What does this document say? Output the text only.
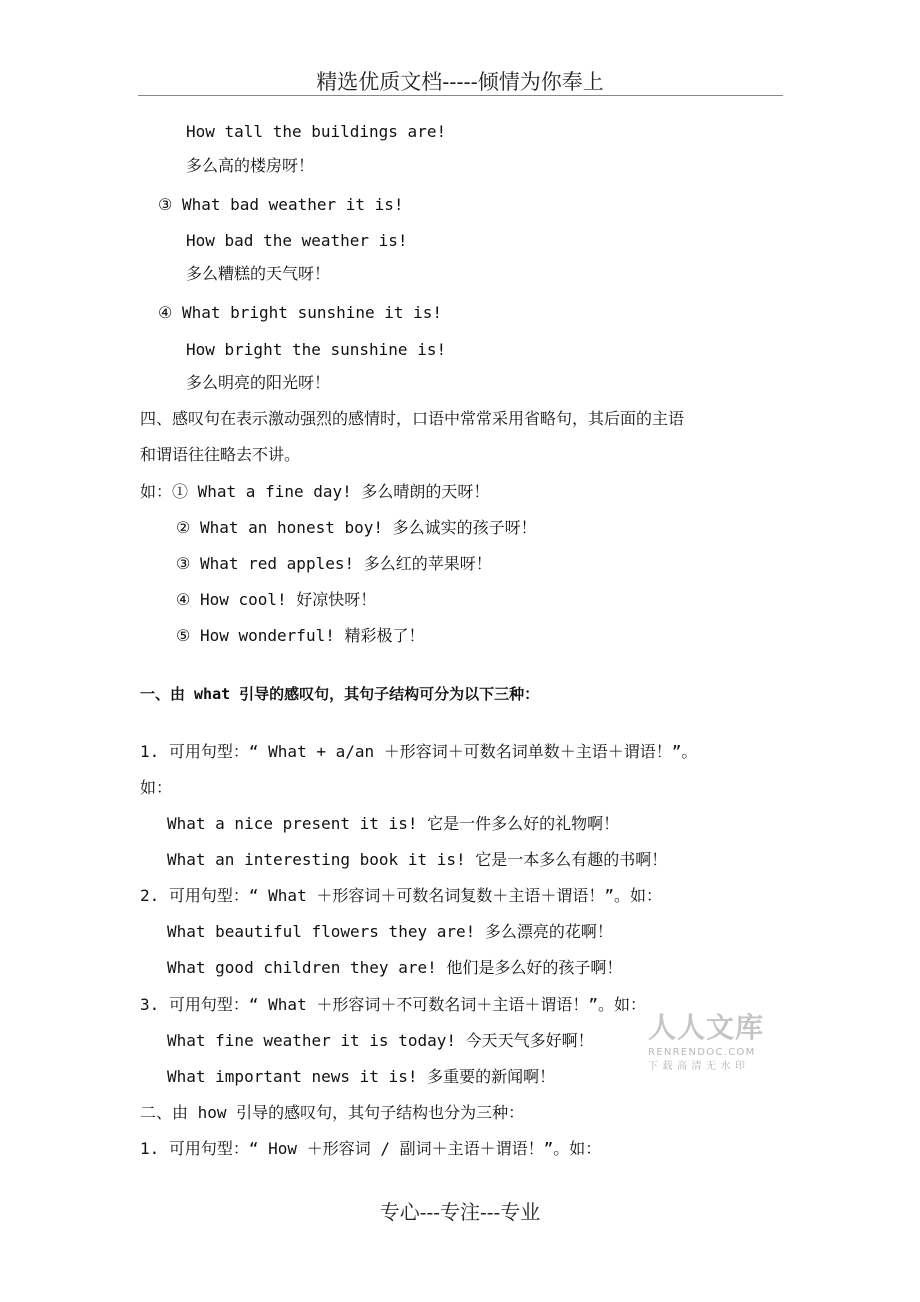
精选优质文档-----倾情为你奉上
How tall the buildings are!
多么高的楼房呀！
③ What bad weather it is!
How bad the weather is!
多么糟糕的天气呀！
④ What bright sunshine it is!
How bright the sunshine is!
多么明亮的阳光呀！
四、感叹句在表示激动强烈的感情时，口语中常常采用省略句，其后面的主语
和谓语往往略去不讲。
如：① What a fine day! 多么晴朗的天呀！
② What an honest boy! 多么诚实的孩子呀！
③ What red apples! 多么红的苹果呀！
④ How cool! 好凉快呀！
⑤ How wonderful! 精彩极了！
一、由 what 引导的感叹句，其句子结构可分为以下三种：
1. 可用句型：“ What + a/an ＋形容词＋可数名词单数＋主语＋谓语！”。
如：
What a nice present it is! 它是一件多么好的礼物啊！
What an interesting book it is! 它是一本多么有趣的书啊！
2. 可用句型：“ What ＋形容词＋可数名词复数＋主语＋谓语！”。如：
What beautiful flowers they are! 多么漂亮的花啊！
What good children they are! 他们是多么好的孩子啊！
3. 可用句型：“ What ＋形容词＋不可数名词＋主语＋谓语！”。如：
What fine weather it is today! 今天天气多好啊！
What important news it is! 多重要的新闻啊！
二、由 how 引导的感叹句，其句子结构也分为三种：
1. 可用句型：“ How ＋形容词 / 副词＋主语＋谓语！”。如：
人人文库
RENRENDOC.COM
下载高清无水印
专心---专注---专业
